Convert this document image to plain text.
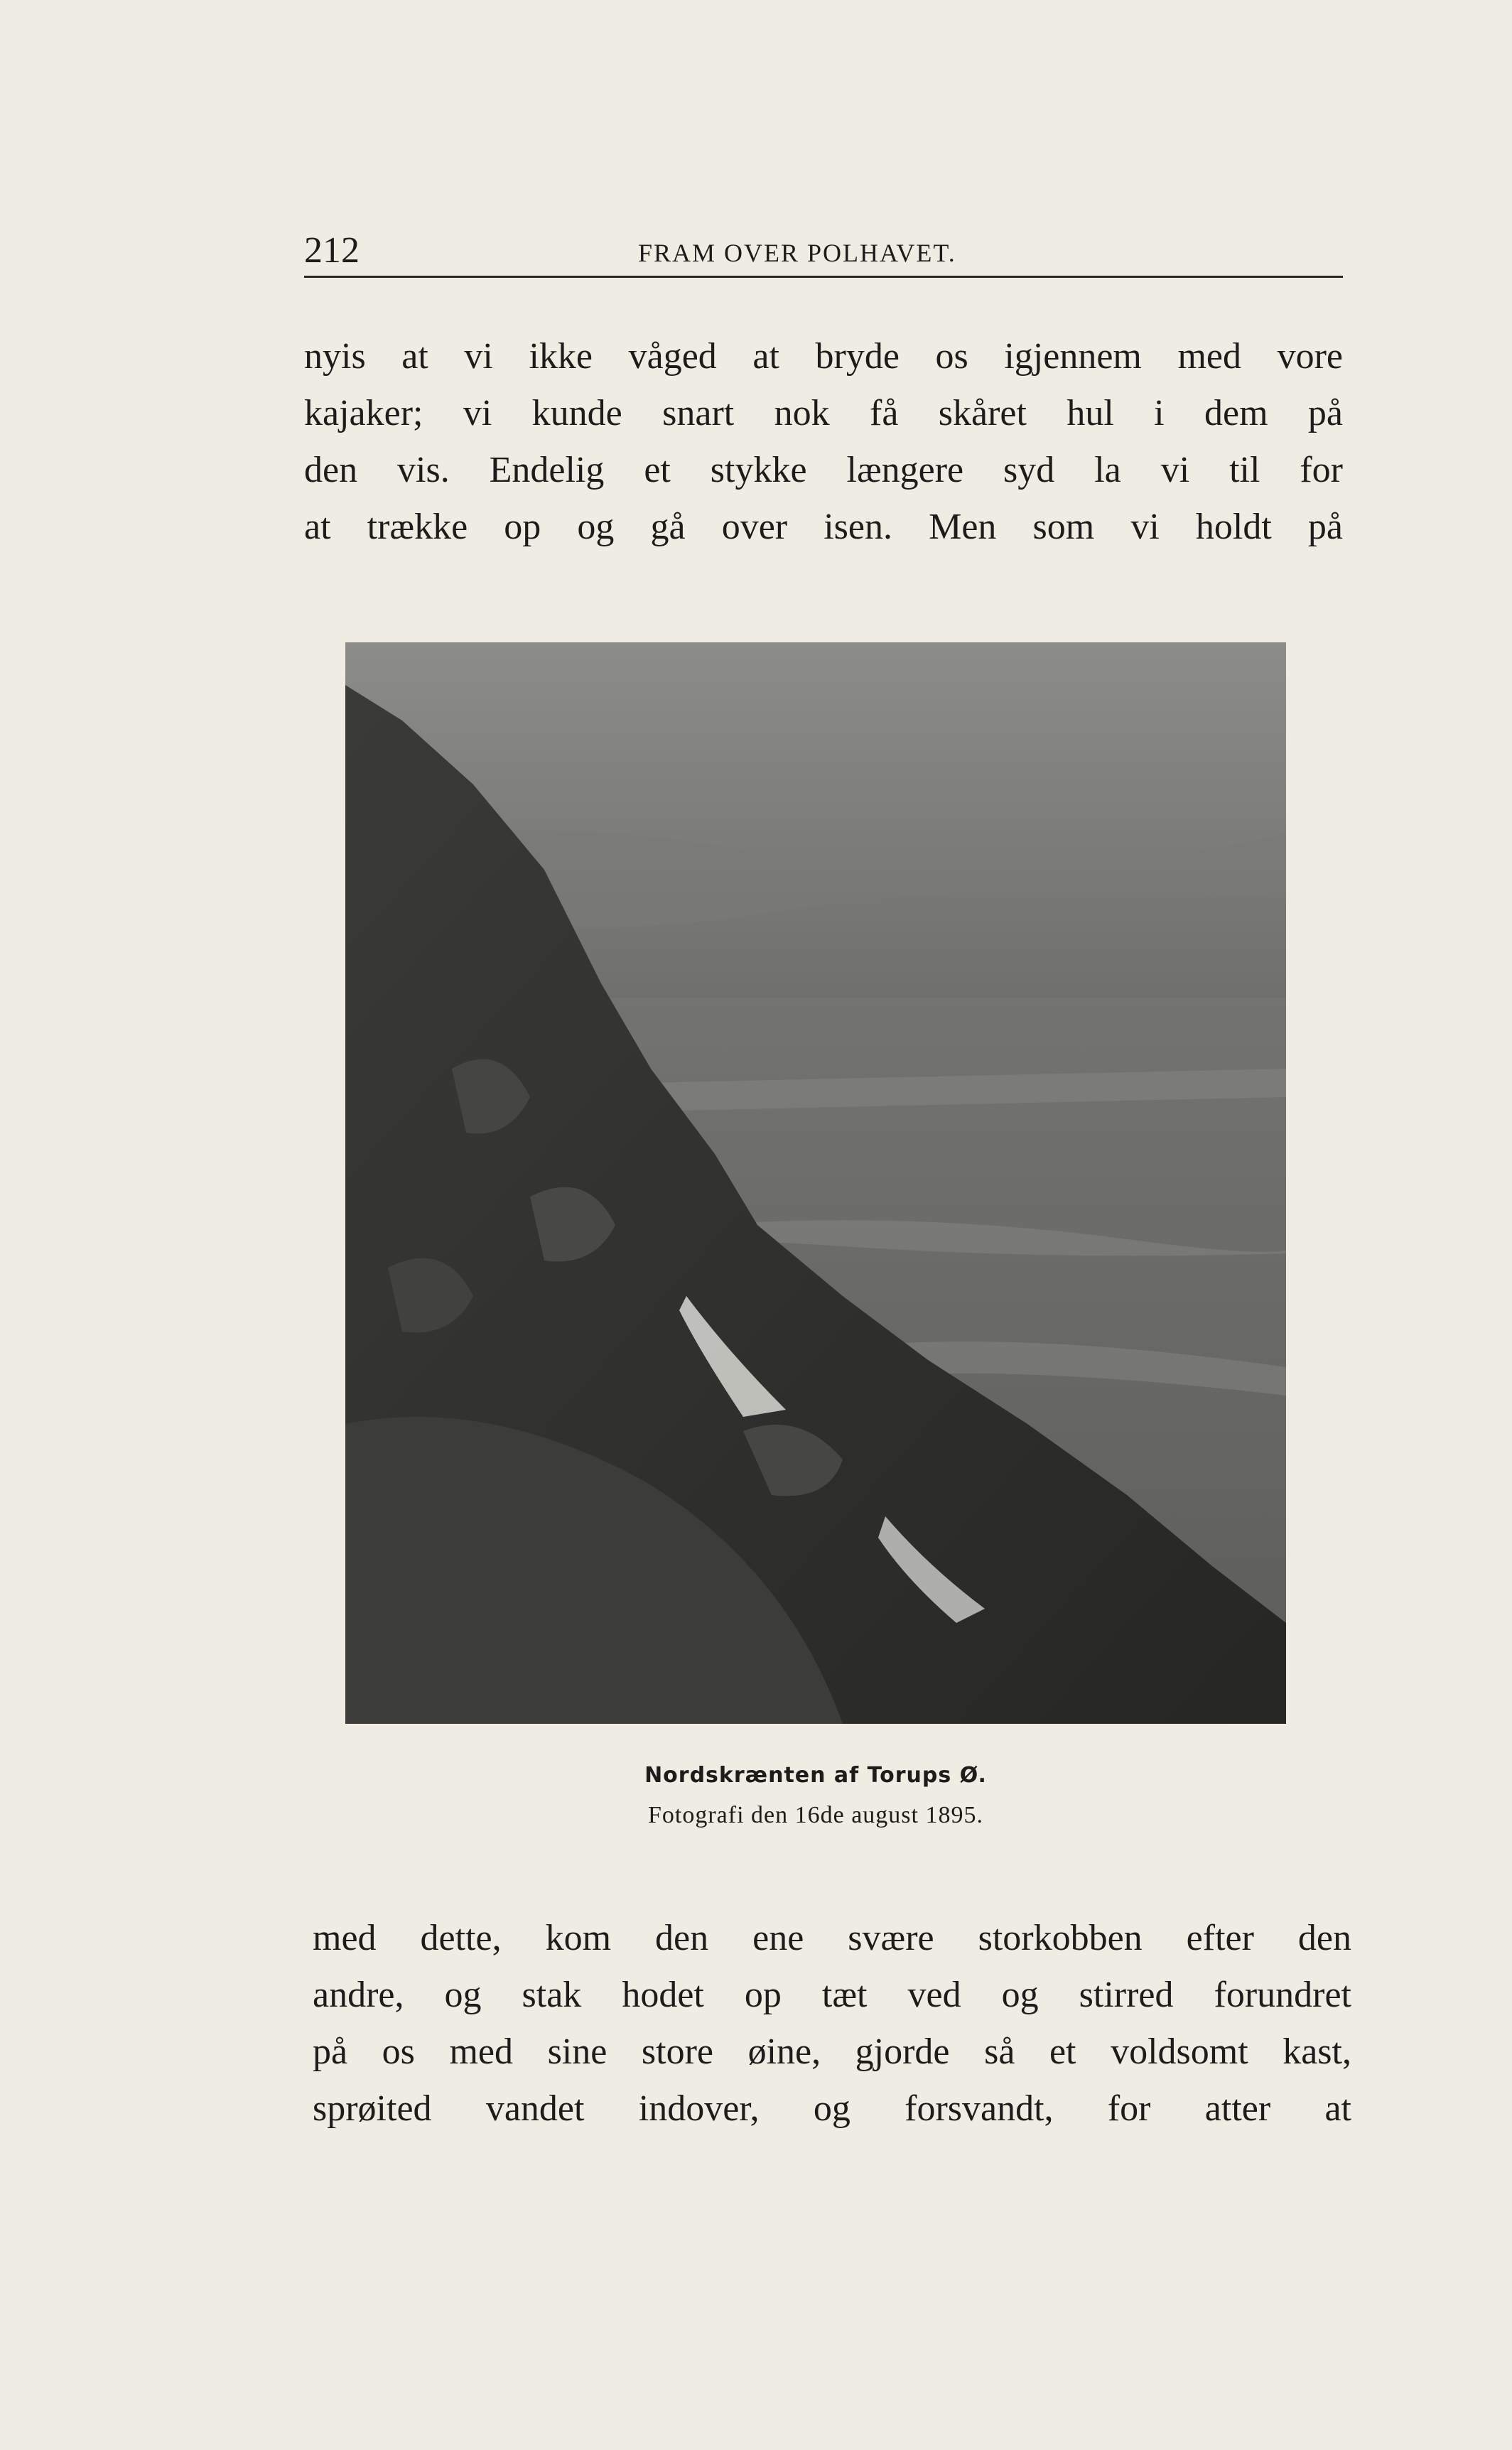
212	FRAM OVER POLHAVET.
nyis at vi ikke våged at bryde os igjennem med vore
kajaker; vi kunde snart nok få skåret hul i dem på
den vis. Endelig et stykke længere syd la vi til for
at trække op og gå over isen. Men som vi holdt på
Nordskrænten af Torups Ø.
Fotografi den 16de august 1895.
med dette, kom den ene svære storkobben efter den
andre, og stak hodet op tæt ved og stirred forundret
på os med sine store øine, gjorde så et voldsomt kast,
sprøited vandet indover, og forsvandt, for atter at
